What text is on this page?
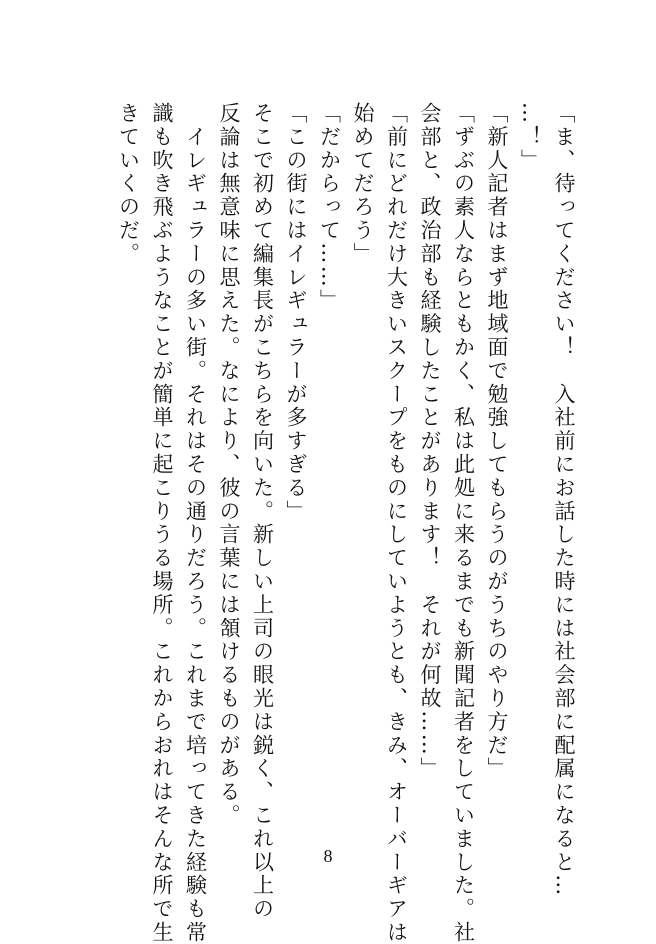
「ま、待ってください！　入社前にお話した時には社会部に配属になると…

…！」

「新人記者はまず地域面で勉強してもらうのがうちのやり方だ」

「ずぶの素人ならともかく、私は此処に来るまでも新聞記者をしていました。社

会部と、政治部も経験したことがあります！　それが何故……」

「前にどれだけ大きいスクープをものにしていようとも、きみ、オーバーギアは

始めてだろう」

「だからって……」

「この街にはイレギュラーが多すぎる」

そこで初めて編集長がこちらを向いた。新しい上司の眼光は鋭く、これ以上の

反論は無意味に思えた。なにより、彼の言葉には頷けるものがある。

　イレギュラーの多い街。それはその通りだろう。これまで培ってきた経験も常

識も吹き飛ぶようなことが簡単に起こりうる場所。これからおれはそんな所で生

きていくのだ。

8
